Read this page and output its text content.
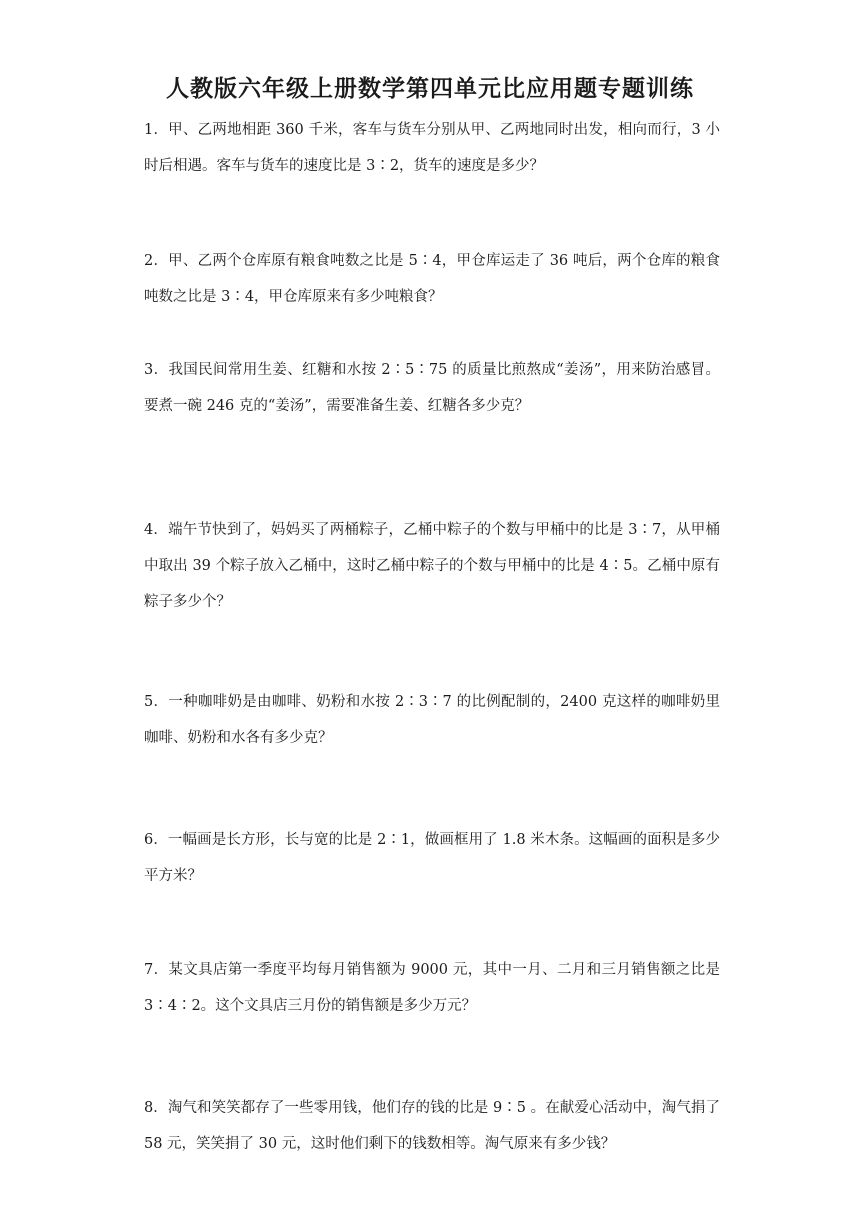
人教版六年级上册数学第四单元比应用题专题训练

1．甲、乙两地相距 360 千米，客车与货车分别从甲、乙两地同时出发，相向而行，3 小时后相遇。客车与货车的速度比是 3∶2，货车的速度是多少？

2．甲、乙两个仓库原有粮食吨数之比是 5∶4，甲仓库运走了 36 吨后，两个仓库的粮食吨数之比是 3∶4，甲仓库原来有多少吨粮食？

3．我国民间常用生姜、红糖和水按 2∶5∶75 的质量比煎熬成“姜汤”，用来防治感冒。要煮一碗 246 克的“姜汤”，需要准备生姜、红糖各多少克？

4．端午节快到了，妈妈买了两桶粽子，乙桶中粽子的个数与甲桶中的比是 3∶7，从甲桶中取出 39 个粽子放入乙桶中，这时乙桶中粽子的个数与甲桶中的比是 4∶5。乙桶中原有粽子多少个？

5．一种咖啡奶是由咖啡、奶粉和水按 2∶3∶7 的比例配制的，2400 克这样的咖啡奶里咖啡、奶粉和水各有多少克？

6．一幅画是长方形，长与宽的比是 2∶1，做画框用了 1.8 米木条。这幅画的面积是多少平方米？

7．某文具店第一季度平均每月销售额为 9000 元，其中一月、二月和三月销售额之比是 3∶4∶2。这个文具店三月份的销售额是多少万元？

8．淘气和笑笑都存了一些零用钱，他们存的钱的比是 9∶5 。在献爱心活动中，淘气捐了 58 元，笑笑捐了 30 元，这时他们剩下的钱数相等。淘气原来有多少钱？
